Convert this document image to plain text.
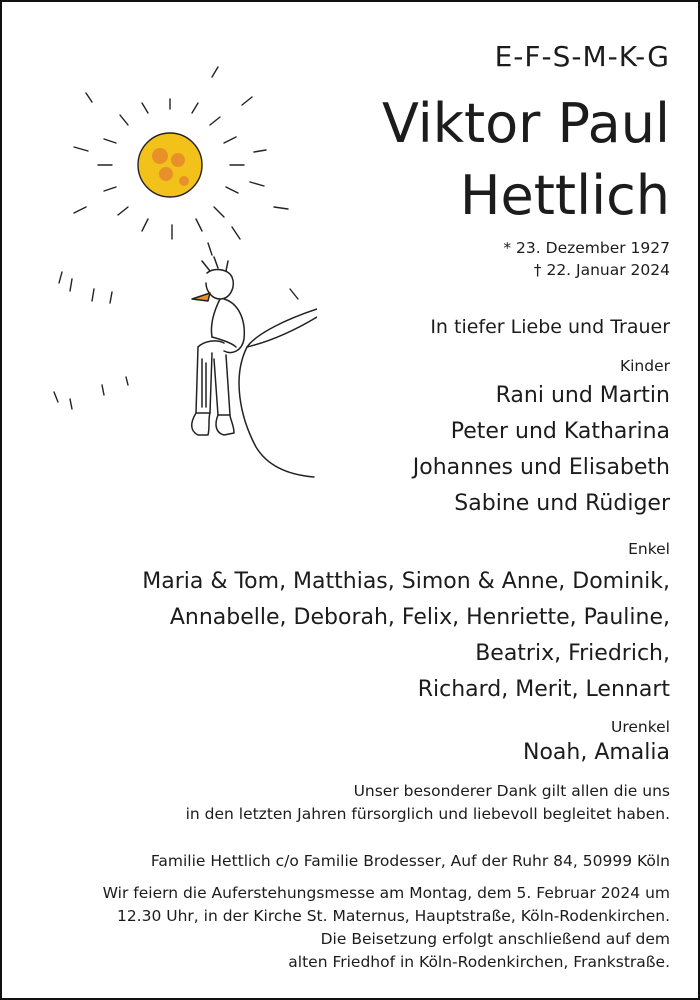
E-F-S-M-K-G
Viktor Paul
Hettlich
* 23. Dezember 1927
† 22. Januar 2024
In tiefer Liebe und Trauer
Kinder
Rani und Martin
Peter und Katharina
Johannes und Elisabeth
Sabine und Rüdiger
Enkel
Maria & Tom, Matthias, Simon & Anne, Dominik,
Annabelle, Deborah, Felix, Henriette, Pauline,
Beatrix, Friedrich,
Richard, Merit, Lennart
Urenkel
Noah, Amalia
Unser besonderer Dank gilt allen die uns
in den letzten Jahren fürsorglich und liebevoll begleitet haben.
Familie Hettlich c/o Familie Brodesser, Auf der Ruhr 84, 50999 Köln
Wir feiern die Auferstehungsmesse am Montag, dem 5. Februar 2024 um
12.30 Uhr, in der Kirche St. Maternus, Hauptstraße, Köln-Rodenkirchen.
Die Beisetzung erfolgt anschließend auf dem
alten Friedhof in Köln-Rodenkirchen, Frankstraße.
